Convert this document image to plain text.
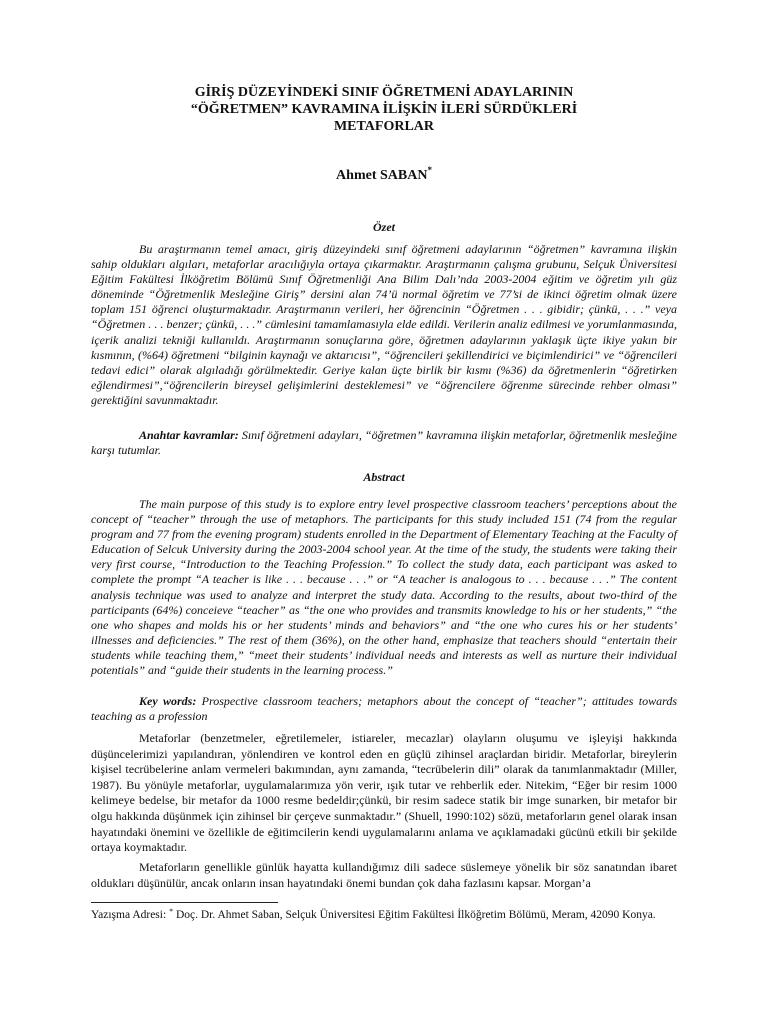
GİRİŞ DÜZEYİNDEKİ SINIF ÖĞRETMENİ ADAYLARININ
“ÖĞRETMEN” KAVRAMINA İLİŞKİN İLERİ SÜRDÜKLERİ
METAFORLAR
Ahmet SABAN*
Özet

Bu araştırmanın temel amacı, giriş düzeyindeki sınıf öğretmeni adaylarının “öğretmen” kavramına ilişkin sahip oldukları algıları, metaforlar aracılığıyla ortaya çıkarmaktır. Araştırmanın çalışma grubunu, Selçuk Üniversitesi Eğitim Fakültesi İlköğretim Bölümü Sınıf Öğretmenliği Ana Bilim Dalı’nda 2003-2004 eğitim ve öğretim yılı güz döneminde “Öğretmenlik Mesleğine Giriş” dersini alan 74’ü normal öğretim ve 77’si de ikinci öğretim olmak üzere toplam 151 öğrenci oluşturmaktadır. Araştırmanın verileri, her öğrencinin “Öğretmen . . . gibidir; çünkü, . . .” veya “Öğretmen . . . benzer; çünkü, . . .” cümlesini tamamlamasıyla elde edildi. Verilerin analiz edilmesi ve yorumlanmasında, içerik analizi tekniği kullanıldı. Araştırmanın sonuçlarına göre, öğretmen adaylarının yaklaşık üçte ikiye yakın bir kısmının, (%64) öğretmeni “bilginin kaynağı ve aktarıcısı”, “öğrencileri şekillendirici ve biçimlendirici” ve “öğrencileri tedavi edici” olarak algıladığı görülmektedir. Geriye kalan üçte birlik bir kısmı (%36) da öğretmenlerin “öğretirken eğlendirmesi”,“öğrencilerin bireysel gelişimlerini desteklemesi” ve “öğrencilere öğrenme sürecinde rehber olması” gerektiğini savunmaktadır.

Anahtar kavramlar: Sınıf öğretmeni adayları, “öğretmen” kavramına ilişkin metaforlar, öğretmenlik mesleğine karşı tutumlar.

Abstract

The main purpose of this study is to explore entry level prospective classroom teachers’ perceptions about the concept of “teacher” through the use of metaphors. The participants for this study included 151 (74 from the regular program and 77 from the evening program) students enrolled in the Department of Elementary Teaching at the Faculty of Education of Selcuk University during the 2003-2004 school year. At the time of the study, the students were taking their very first course, “Introduction to the Teaching Profession.” To collect the study data, each participant was asked to complete the prompt “A teacher is like . . . because . . .” or “A teacher is analogous to . . . because . . .” The content analysis technique was used to analyze and interpret the study data. According to the results, about two-third of the participants (64%) conceieve “teacher” as “the one who provides and transmits knowledge to his or her students,” “the one who shapes and molds his or her students’ minds and behaviors” and “the one who cures his or her students’ illnesses and deficiencies.” The rest of them (36%), on the other hand, emphasize that teachers should “entertain their students while teaching them,” “meet their students’ individual needs and interests as well as nurture their individual potentials” and “guide their students in the learning process.”

Key words: Prospective classroom teachers; metaphors about the concept of “teacher”; attitudes towards teaching as a profession

Metaforlar (benzetmeler, eğretilemeler, istiareler, mecazlar) olayların oluşumu ve işleyişi hakkında düşüncelerimizi yapılandıran, yönlendiren ve kontrol eden en güçlü zihinsel araçlardan biridir. Metaforlar, bireylerin kişisel tecrübelerine anlam vermeleri bakımından, aynı zamanda, “tecrübelerin dili” olarak da tanımlanmaktadır (Miller, 1987). Bu yönüyle metaforlar, uygulamalarımıza yön verir, ışık tutar ve rehberlik eder. Nitekim, “Eğer bir resim 1000 kelimeye bedelse, bir metafor da 1000 resme bedeldir;çünkü, bir resim sadece statik bir imge sunarken, bir metafor bir olgu hakkında düşünmek için zihinsel bir çerçeve sunmaktadır.” (Shuell, 1990:102) sözü, metaforların genel olarak insan hayatındaki önemini ve özellikle de eğitimcilerin kendi uygulamalarını anlama ve açıklamadaki gücünü etkili bir şekilde ortaya koymaktadır.

Metaforların genellikle günlük hayatta kullandığımız dili sadece süslemeye yönelik bir söz sanatından ibaret oldukları düşünülür, ancak onların insan hayatındaki önemi bundan çok daha fazlasını kapsar. Morgan’a

Yazışma Adresi: * Doç. Dr. Ahmet Saban, Selçuk Üniversitesi Eğitim Fakültesi İlköğretim Bölümü, Meram, 42090 Konya.
